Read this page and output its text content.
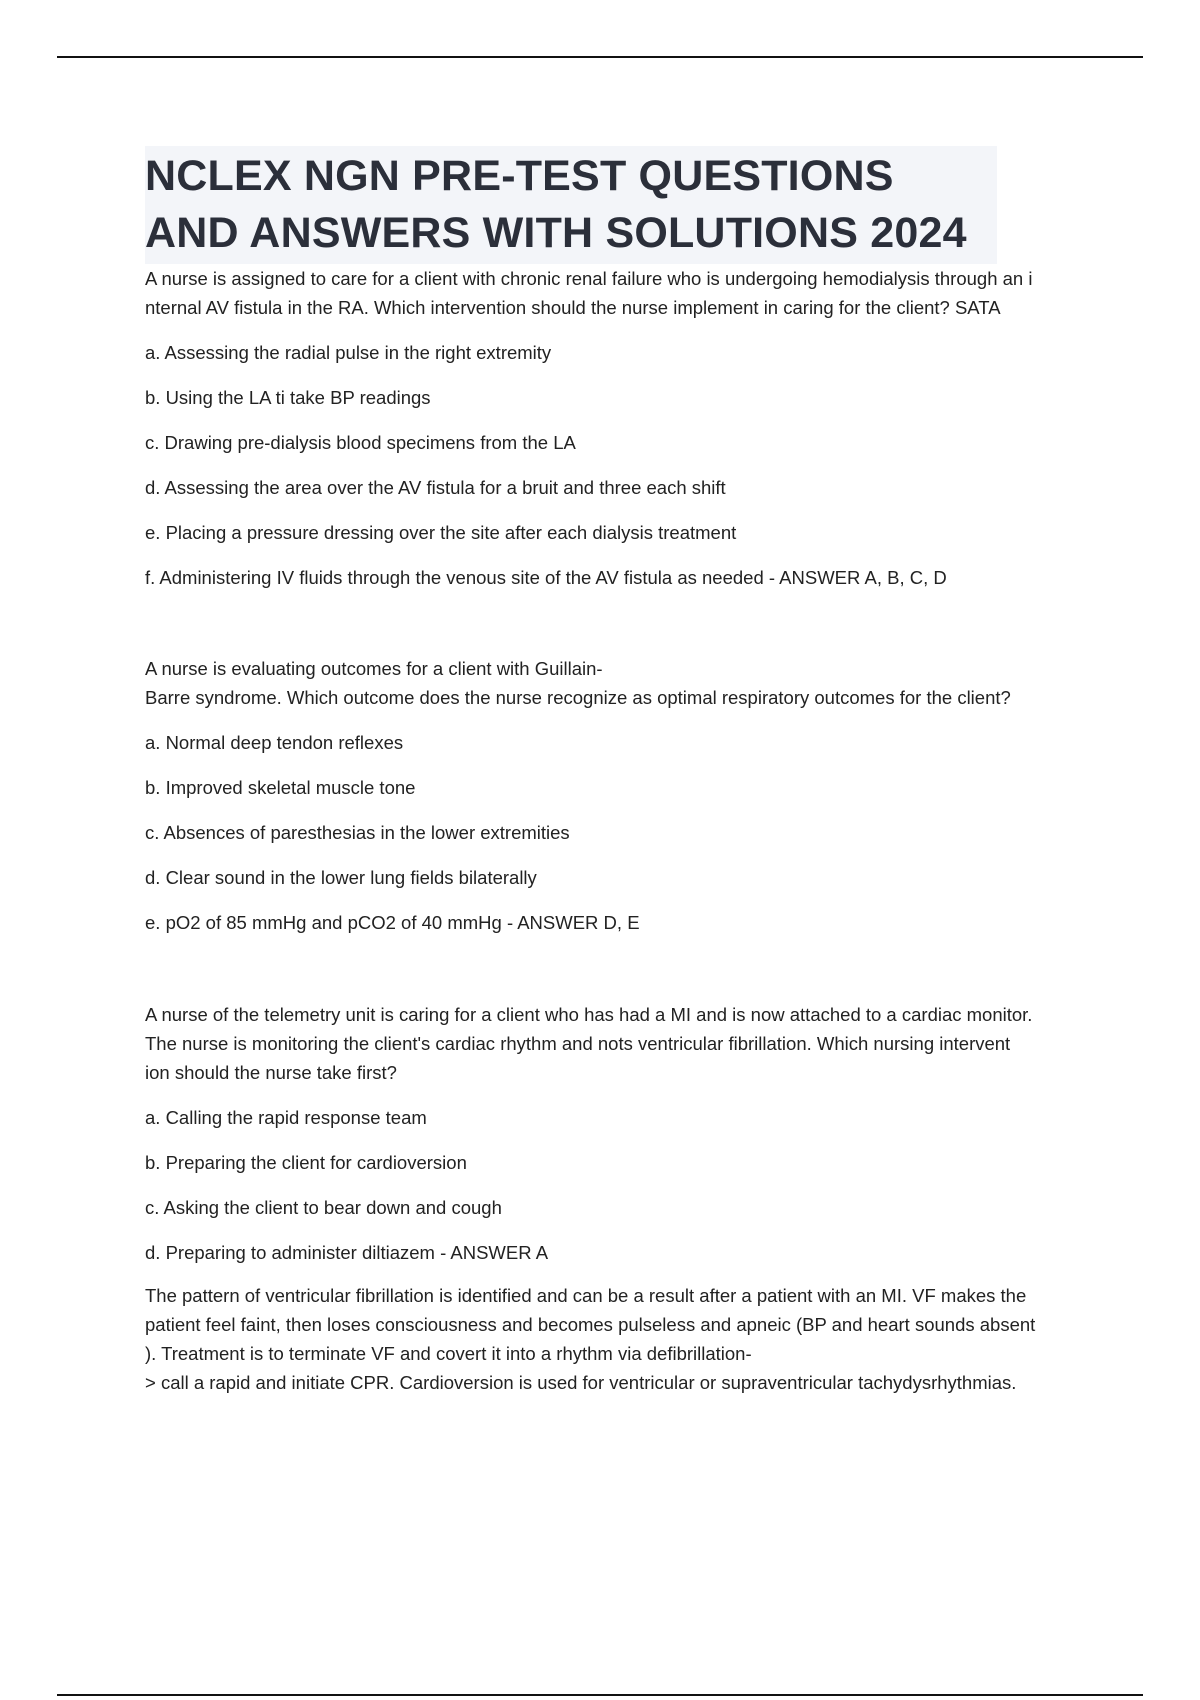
NCLEX NGN PRE-TEST QUESTIONS
AND ANSWERS WITH SOLUTIONS 2024

A nurse is assigned to care for a client with chronic renal failure who is undergoing hemodialysis through an i
nternal AV fistula in the RA. Which intervention should the nurse implement in caring for the client? SATA

a. Assessing the radial pulse in the right extremity

b. Using the LA ti take BP readings

c. Drawing pre-dialysis blood specimens from the LA

d. Assessing the area over the AV fistula for a bruit and three each shift

e. Placing a pressure dressing over the site after each dialysis treatment

f. Administering IV fluids through the venous site of the AV fistula as needed - ANSWER A, B, C, D

A nurse is evaluating outcomes for a client with Guillain-
Barre syndrome. Which outcome does the nurse recognize as optimal respiratory outcomes for the client?

a. Normal deep tendon reflexes

b. Improved skeletal muscle tone

c. Absences of paresthesias in the lower extremities

d. Clear sound in the lower lung fields bilaterally

e. pO2 of 85 mmHg and pCO2 of 40 mmHg - ANSWER D, E

A nurse of the telemetry unit is caring for a client who has had a MI and is now attached to a cardiac monitor.
The nurse is monitoring the client's cardiac rhythm and nots ventricular fibrillation. Which nursing intervent
ion should the nurse take first?

a. Calling the rapid response team

b. Preparing the client for cardioversion

c. Asking the client to bear down and cough

d. Preparing to administer diltiazem - ANSWER A

The pattern of ventricular fibrillation is identified and can be a result after a patient with an MI. VF makes the
patient feel faint, then loses consciousness and becomes pulseless and apneic (BP and heart sounds absent
). Treatment is to terminate VF and covert it into a rhythm via defibrillation-
> call a rapid and initiate CPR. Cardioversion is used for ventricular or supraventricular tachydysrhythmias.
